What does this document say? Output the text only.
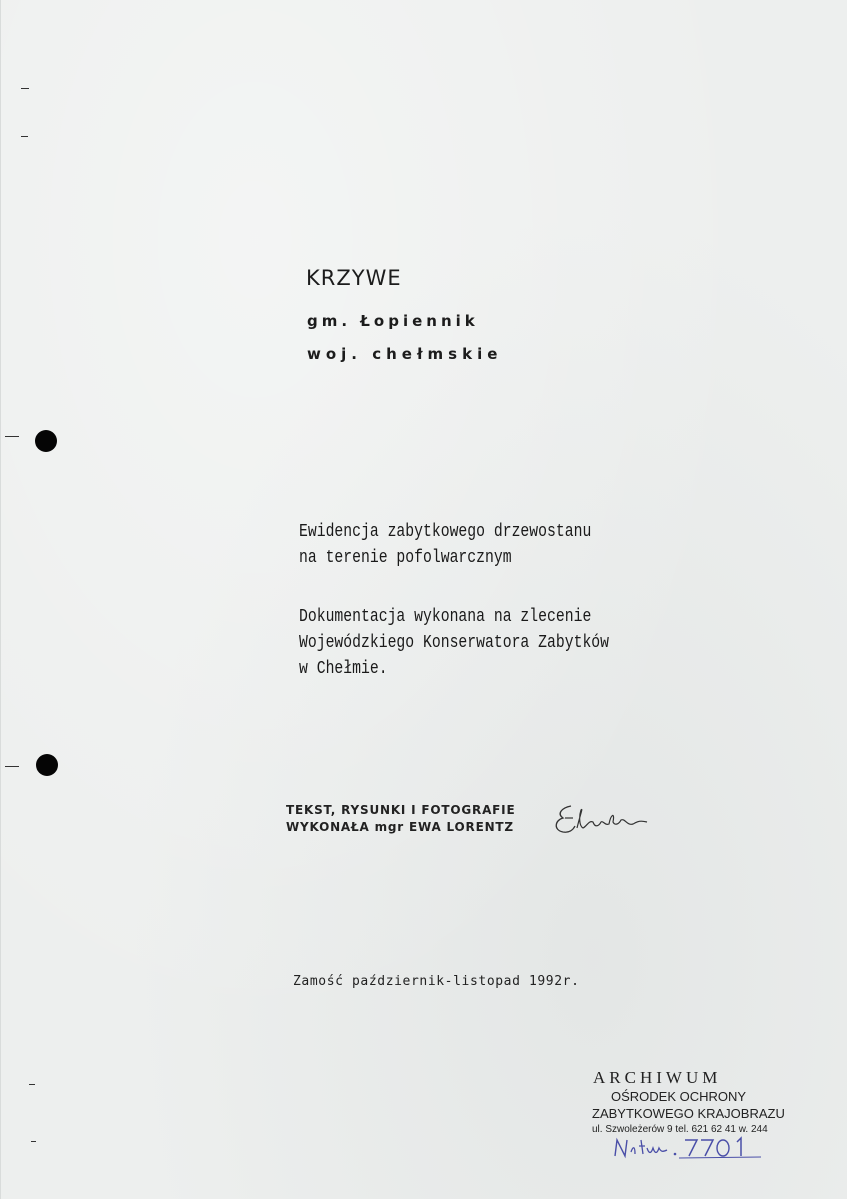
KRZYWE
gm. Łopiennik
woj. chełmskie
Ewidencja zabytkowego drzewostanu
na terenie pofolwarcznym
Dokumentacja wykonana na zlecenie
Wojewódzkiego Konserwatora Zabytków
w Chełmie.
TEKST, RYSUNKI I FOTOGRAFIE
WYKONAŁA mgr EWA LORENTZ
Zamość październik-listopad 1992r.
ARCHIWUM
OŚRODEK OCHRONY
ZABYTKOWEGO KRAJOBRAZU
ul. Szwoleżerów 9 tel. 621 62 41 w. 244
